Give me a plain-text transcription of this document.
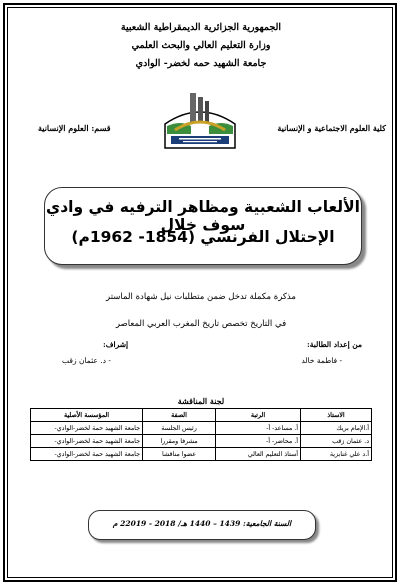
الجمهورية الجزائرية الديمقراطية الشعبية
وزارة التعليم العالي والبحث العلمي
جامعة الشهيد حمه لخضر- الوادي
كلية العلوم الاجتماعية و الإنسانية
قسم: العلوم الإنسانية
الألعاب الشعبية ومظاهر الترفيه في وادي سوف خلال
الإحتلال الفرنسي (1854- 1962م)
مذكرة مكملة تدخل ضمن متطلبات نيل شهادة الماستر
في التاريخ تخصص تاريخ المغرب العربي المعاصر
من إعداد الطالبة:
- فاطمة خالد
إشراف:
- د. عثمان زقب
لجنة المناقشة
الاستاذ	الرتبة	الصفة	المؤسسة الأصلية
أ.الإمام بريك	أ. مساعد- أ-	رئيس الجلسة	جامعة الشهيد حمة لخضر-الوادي-
د. عثمان زقب	أ. محاضر- أ-	مشرفا ومقررا	جامعة الشهيد حمة لخضر-الوادي-
أ.د علي غنابزية	أستاذ التعليم العالي	عضوا مناقشا	جامعة الشهيد حمة لخضر-الوادي-
السنة الجامعية: 1439 – 1440 هـ/ 2018 - 22019 م
